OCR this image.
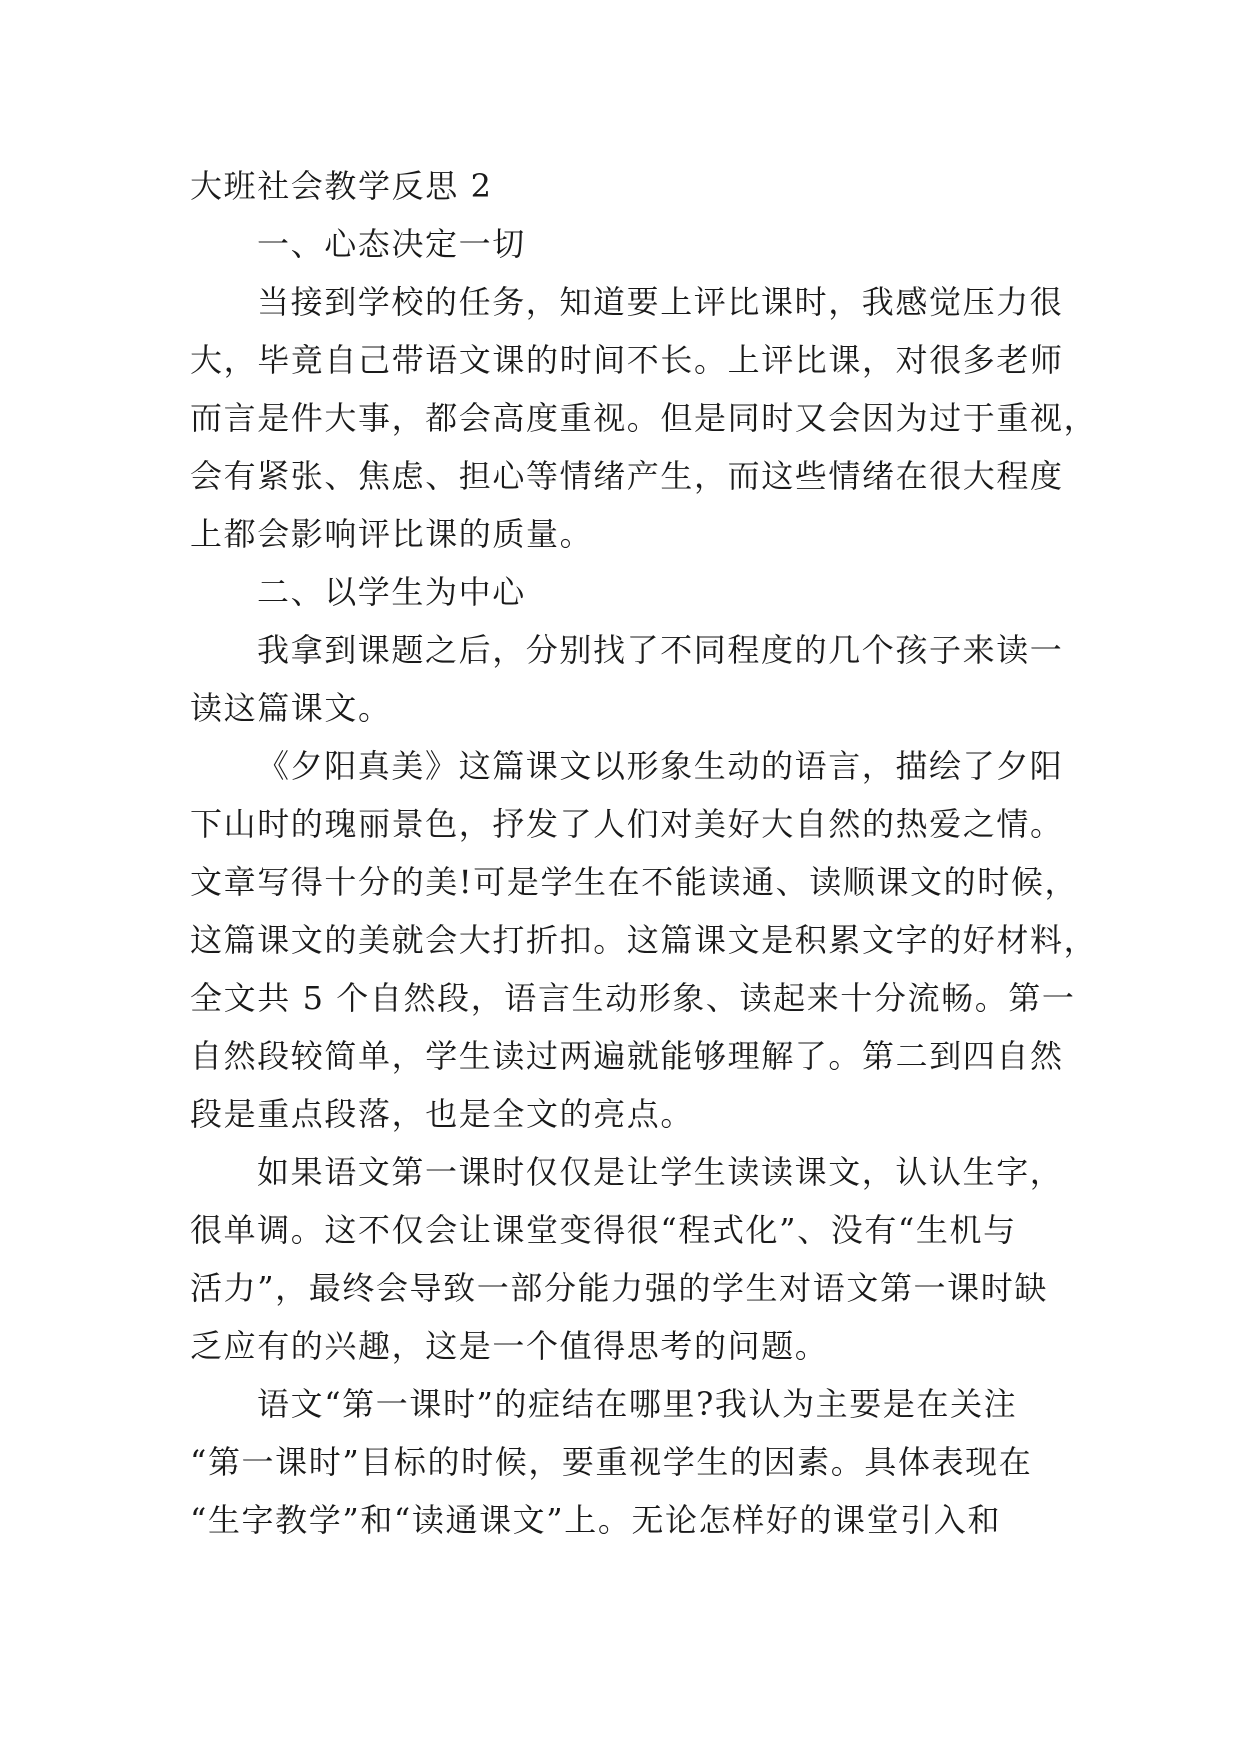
大班社会教学反思 2
一、心态决定一切
当接到学校的任务，知道要上评比课时，我感觉压力很
大，毕竟自己带语文课的时间不长。上评比课，对很多老师
而言是件大事，都会高度重视。但是同时又会因为过于重视，
会有紧张、焦虑、担心等情绪产生，而这些情绪在很大程度
上都会影响评比课的质量。
二、以学生为中心
我拿到课题之后，分别找了不同程度的几个孩子来读一
读这篇课文。
《夕阳真美》这篇课文以形象生动的语言，描绘了夕阳
下山时的瑰丽景色，抒发了人们对美好大自然的热爱之情。
文章写得十分的美!可是学生在不能读通、读顺课文的时候，
这篇课文的美就会大打折扣。这篇课文是积累文字的好材料，
全文共 5 个自然段，语言生动形象、读起来十分流畅。第一
自然段较简单，学生读过两遍就能够理解了。第二到四自然
段是重点段落，也是全文的亮点。
如果语文第一课时仅仅是让学生读读课文，认认生字，
很单调。这不仅会让课堂变得很“程式化”、没有“生机与
活力”，最终会导致一部分能力强的学生对语文第一课时缺
乏应有的兴趣，这是一个值得思考的问题。
语文“第一课时”的症结在哪里?我认为主要是在关注
“第一课时”目标的时候，要重视学生的因素。具体表现在
“生字教学”和“读通课文”上。无论怎样好的课堂引入和
